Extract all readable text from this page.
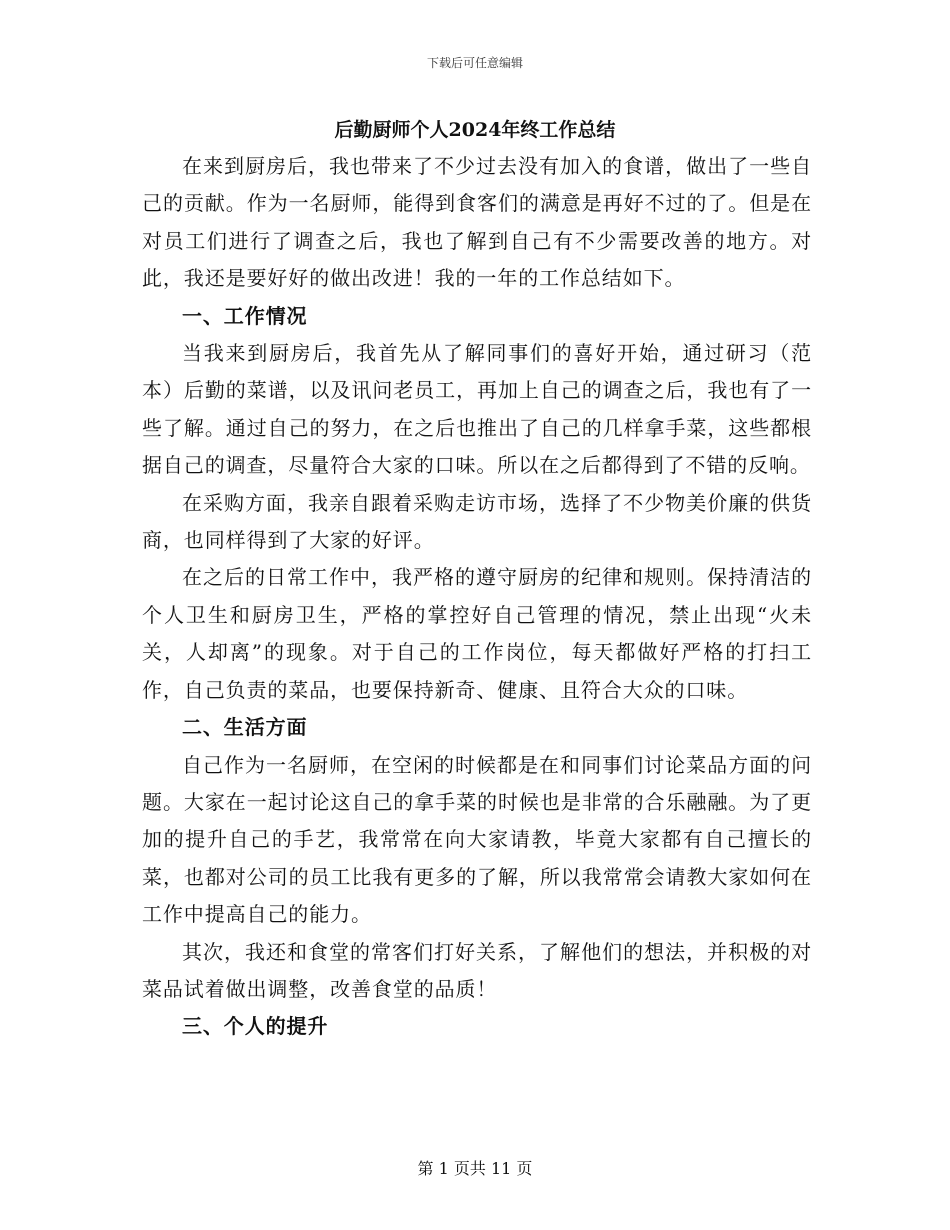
下载后可任意编辑
后勤厨师个人2024年终工作总结

在来到厨房后，我也带来了不少过去没有加入的食谱，做出了一些自己的贡献。作为一名厨师，能得到食客们的满意是再好不过的了。但是在对员工们进行了调查之后，我也了解到自己有不少需要改善的地方。对此，我还是要好好的做出改进！我的一年的工作总结如下。

一、工作情况

当我来到厨房后，我首先从了解同事们的喜好开始，通过研习（范本）后勤的菜谱，以及讯问老员工，再加上自己的调查之后，我也有了一些了解。通过自己的努力，在之后也推出了自己的几样拿手菜，这些都根据自己的调查，尽量符合大家的口味。所以在之后都得到了不错的反响。

在采购方面，我亲自跟着采购走访市场，选择了不少物美价廉的供货商，也同样得到了大家的好评。

在之后的日常工作中，我严格的遵守厨房的纪律和规则。保持清洁的个人卫生和厨房卫生，严格的掌控好自己管理的情况，禁止出现“火未关，人却离”的现象。对于自己的工作岗位，每天都做好严格的打扫工作，自己负责的菜品，也要保持新奇、健康、且符合大众的口味。

二、生活方面

自己作为一名厨师，在空闲的时候都是在和同事们讨论菜品方面的问题。大家在一起讨论这自己的拿手菜的时候也是非常的合乐融融。为了更加的提升自己的手艺，我常常在向大家请教，毕竟大家都有自己擅长的菜，也都对公司的员工比我有更多的了解，所以我常常会请教大家如何在工作中提高自己的能力。

其次，我还和食堂的常客们打好关系，了解他们的想法，并积极的对菜品试着做出调整，改善食堂的品质！

三、个人的提升
第 1 页共 11 页
